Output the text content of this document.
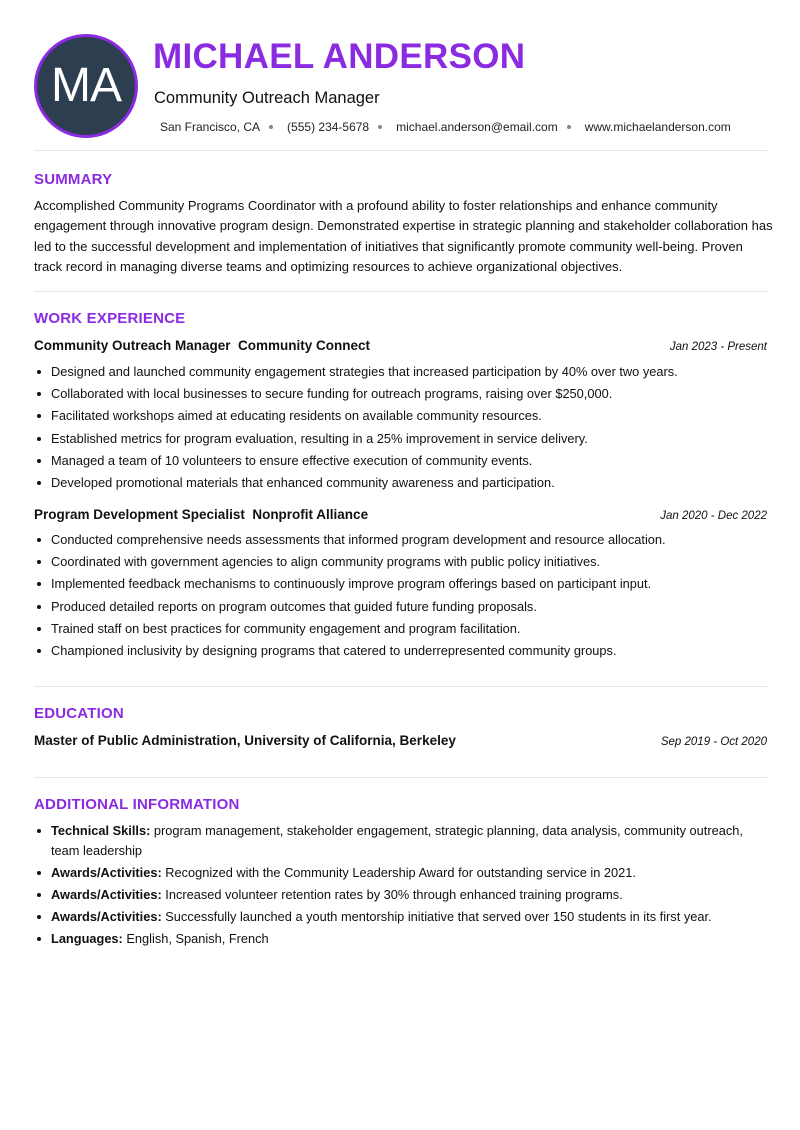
MA
MICHAEL ANDERSON
Community Outreach Manager
San Francisco, CA (555) 234-5678 michael.anderson@email.com www.michaelanderson.com
SUMMARY
Accomplished Community Programs Coordinator with a profound ability to foster relationships and enhance community engagement through innovative program design. Demonstrated expertise in strategic planning and stakeholder collaboration has led to the successful development and implementation of initiatives that significantly promote community well-being. Proven track record in managing diverse teams and optimizing resources to achieve organizational objectives.
WORK EXPERIENCE
Community Outreach Manager  Community Connect	Jan 2023 - Present
Designed and launched community engagement strategies that increased participation by 40% over two years.
Collaborated with local businesses to secure funding for outreach programs, raising over $250,000.
Facilitated workshops aimed at educating residents on available community resources.
Established metrics for program evaluation, resulting in a 25% improvement in service delivery.
Managed a team of 10 volunteers to ensure effective execution of community events.
Developed promotional materials that enhanced community awareness and participation.
Program Development Specialist  Nonprofit Alliance	Jan 2020 - Dec 2022
Conducted comprehensive needs assessments that informed program development and resource allocation.
Coordinated with government agencies to align community programs with public policy initiatives.
Implemented feedback mechanisms to continuously improve program offerings based on participant input.
Produced detailed reports on program outcomes that guided future funding proposals.
Trained staff on best practices for community engagement and program facilitation.
Championed inclusivity by designing programs that catered to underrepresented community groups.
EDUCATION
Master of Public Administration, University of California, Berkeley	Sep 2019 - Oct 2020
ADDITIONAL INFORMATION
Technical Skills: program management, stakeholder engagement, strategic planning, data analysis, community outreach, team leadership
Awards/Activities: Recognized with the Community Leadership Award for outstanding service in 2021.
Awards/Activities: Increased volunteer retention rates by 30% through enhanced training programs.
Awards/Activities: Successfully launched a youth mentorship initiative that served over 150 students in its first year.
Languages: English, Spanish, French
